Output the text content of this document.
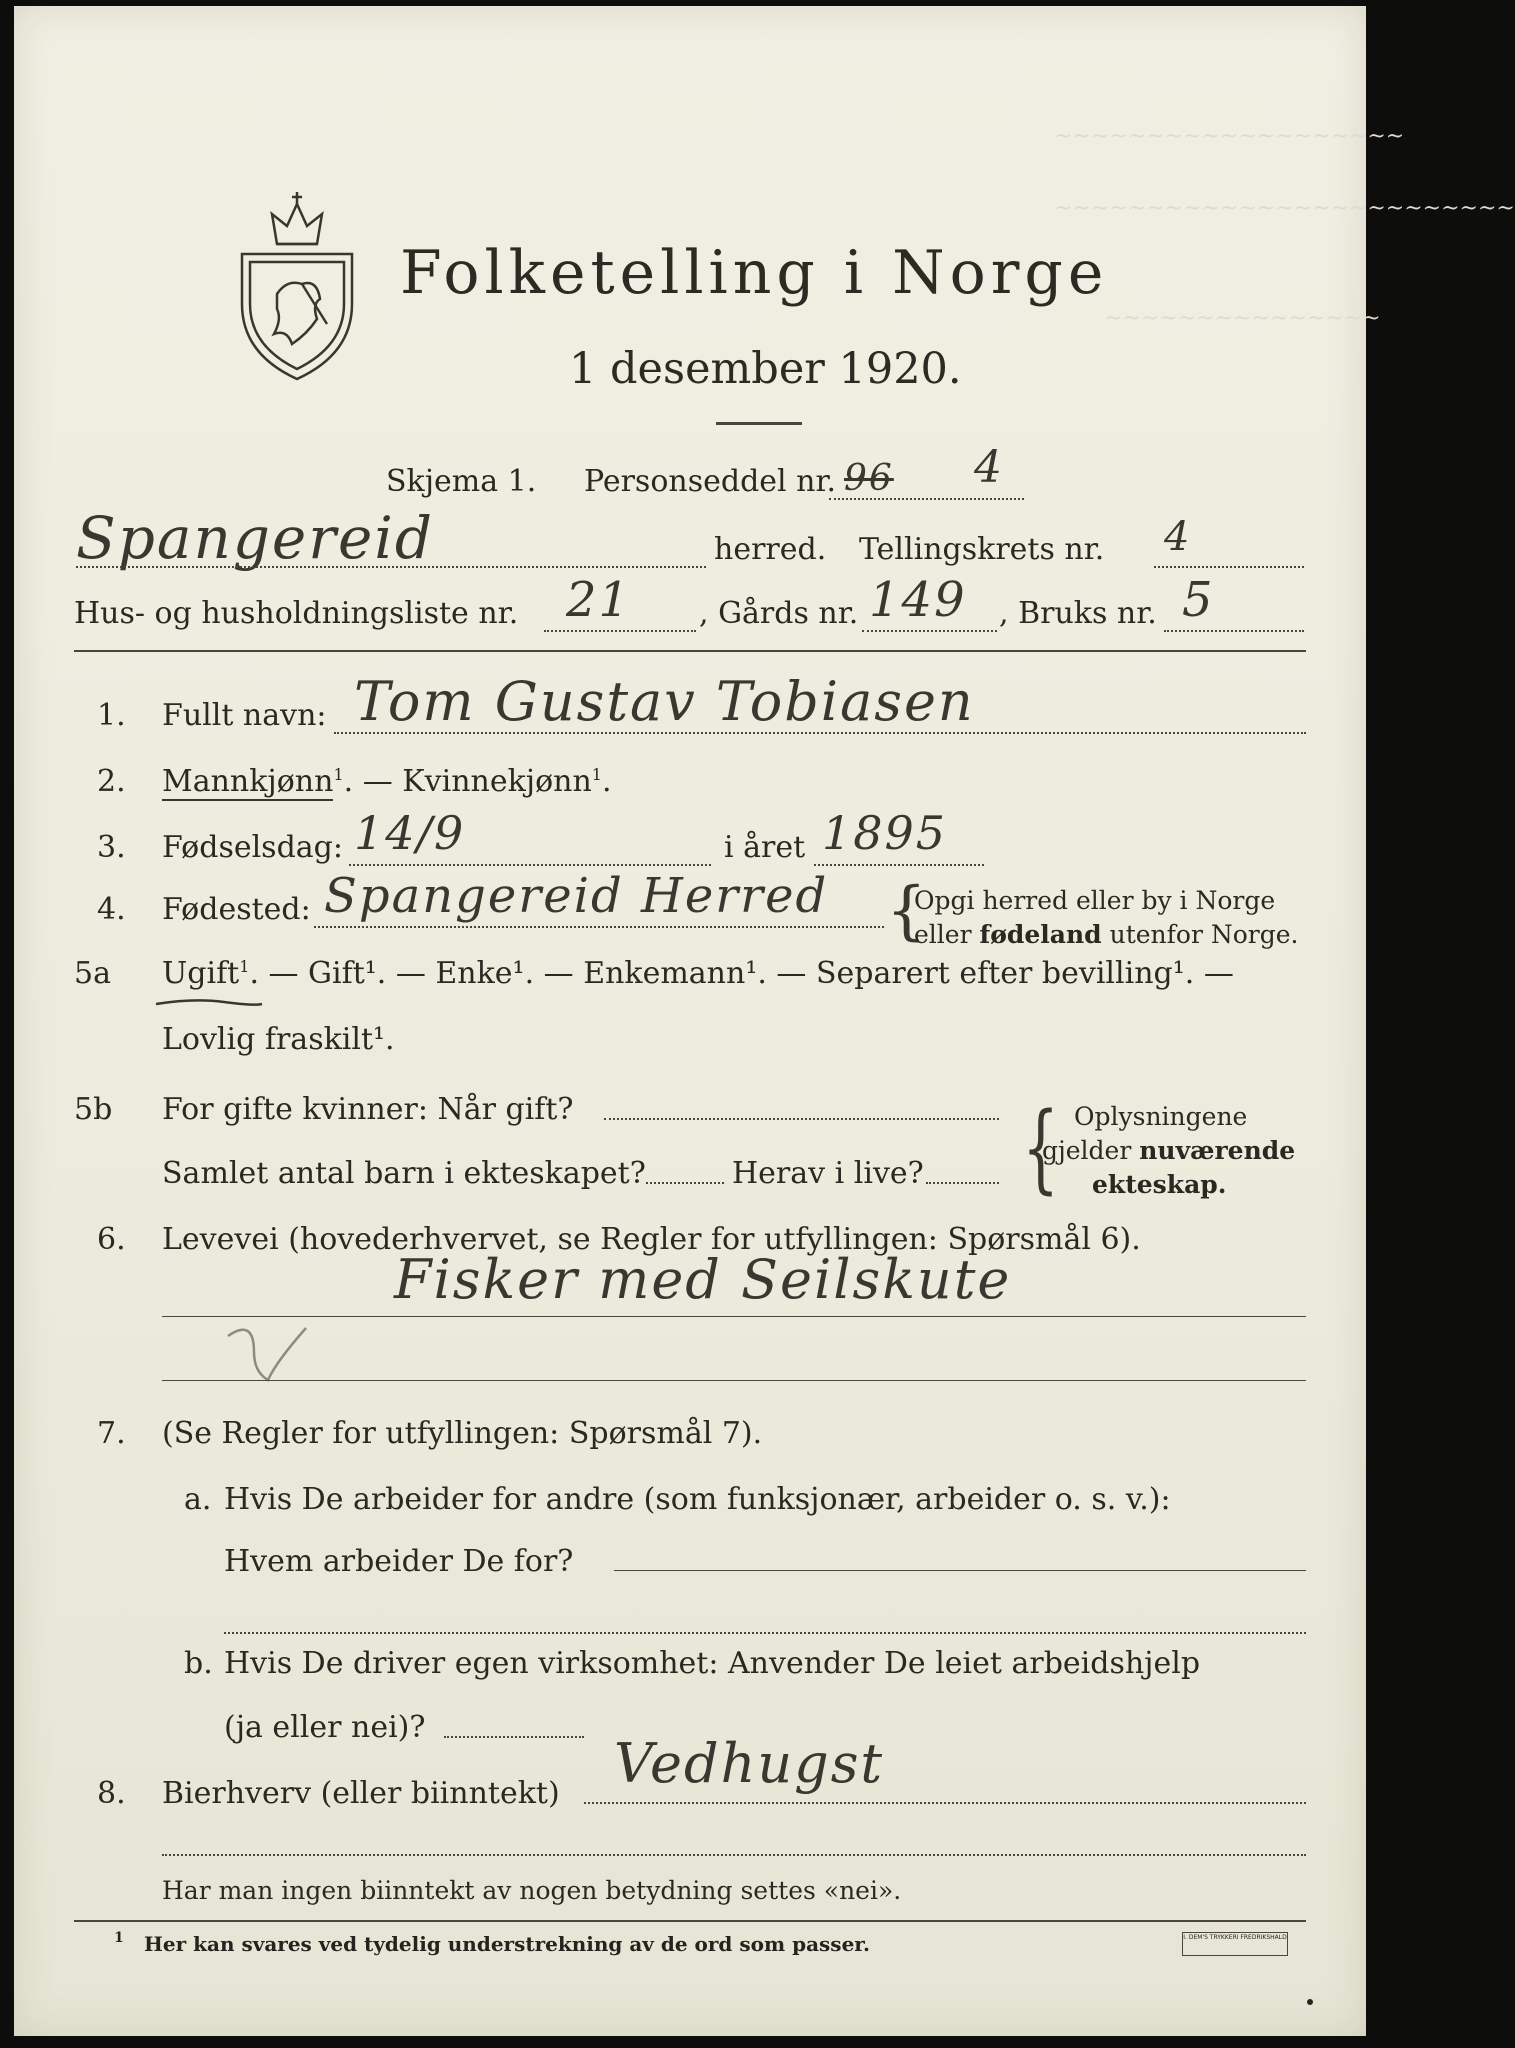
~~~~~~~~~~~~~~~~~~~
~~~~~~~~~~~~~~~~~~~~~~~~~
~~~~~~~~~~~~~~~
Folketelling i Norge
1 desember 1920.
Skjema 1. Personseddel nr. 96 4
Spangereid	herred. Tellingskrets nr. 4
Hus- og husholdningsliste nr. 21 , Gårds nr. 149 , Bruks nr. 5
1. Fullt navn: Tom Gustav Tobiasen
2. Mannkjønn$^1$. — Kvinnekjønn$^1$.
3. Fødselsdag: 14/9	i året 1895
4. Fødested: Spangereid Herred {
Opgi herred eller by i Norge
eller fødeland utenfor Norge.
5a Ugift$^1$. — Gift¹. — Enke¹. — Enkemann¹. — Separert efter bevilling¹. —
Lovlig fraskilt¹.
5b For gifte kvinner: Når gift?
Samlet antal barn i ekteskapet?	Herav i live? { Oplysningene
gjelder nuværende
ekteskap.
6. Levevei (hovederhvervet, se Regler for utfyllingen: Spørsmål 6).
Fisker med Seilskute
7. (Se Regler for utfyllingen: Spørsmål 7).
a. Hvis De arbeider for andre (som funksjonær, arbeider o. s. v.):
Hvem arbeider De for?
b. Hvis De driver egen virksomhet: Anvender De leiet arbeidshjelp
(ja eller nei)?
8. Bierhverv (eller biinntekt) Vedhugst
Har man ingen biinntekt av nogen betydning settes «nei».
1 Her kan svares ved tydelig understrekning av de ord som passer.	I. DEM'S TRYKKERI FREDRIKSHALD
